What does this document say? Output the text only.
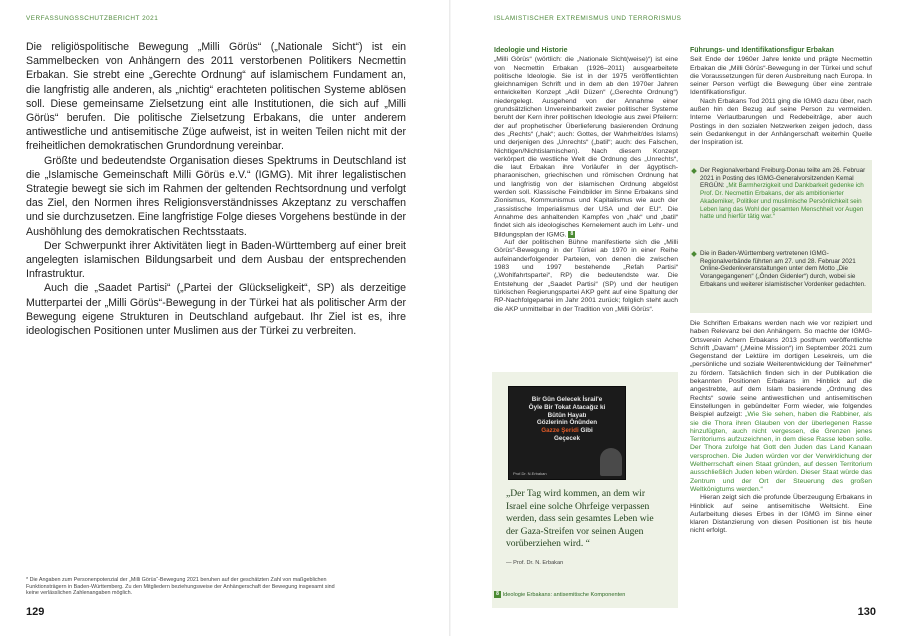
VERFASSUNGSSCHUTZBERICHT 2021

Die religiöspolitische Bewegung „Milli Görüs“ („Nationale Sicht“) ist ein Sammelbecken von Anhängern des 2011 verstorbenen Politikers Necmettin Erbakan. Sie strebt eine „Gerechte Ordnung“ auf islamischem Fundament an, die langfristig alle anderen, als „nichtig“ erachteten politischen Systeme ablösen soll. Diese gemeinsame Zielsetzung eint alle Institutionen, die sich auf „Milli Görüs“ berufen. Die politische Zielsetzung Erbakans, die unter anderem antiwestliche und antisemitische Züge aufweist, ist in weiten Teilen nicht mit der freiheitlichen demokratischen Grundordnung vereinbar.

Größte und bedeutendste Organisation dieses Spektrums in Deutschland ist die „Islamische Gemeinschaft Milli Görüs e.V.“ (IGMG). Mit ihrer legalistischen Strategie bewegt sie sich im Rahmen der geltenden Rechtsordnung und verfolgt das Ziel, den Normen ihres Religionsverständnisses Akzeptanz zu verschaffen und sie durchzusetzen. Eine langfristige Folge dieses Vorgehens bestünde in der Aushöhlung des demokratischen Rechtsstaats.

Der Schwerpunkt ihrer Aktivitäten liegt in Baden-Württemberg auf einer breit angelegten islamischen Bildungsarbeit und dem Ausbau der entsprechenden Infrastruktur.

Auch die „Saadet Partisi“ („Partei der Glückseligkeit“, SP) als derzeitige Mutterpartei der „Milli Görüs“-Bewegung in der Türkei hat als politischer Arm der Bewegung eigene Strukturen in Deutschland aufgebaut. Ihr Ziel ist es, ihre ideologischen Positionen unter Muslimen aus der Türkei zu verbreiten.

* Die Angaben zum Personenpotenzial der „Milli Görüs“-Bewegung 2021 beruhen auf der geschätzten Zahl von maßgeblichen Funktionsträgern in Baden-Württemberg. Zu den Mitgliedern beziehungsweise der Anhängerschaft der Bewegung insgesamt sind keine verlässlichen Zahlenangaben möglich.
129
ISLAMISTISCHER EXTREMISMUS UND TERRORISMUS
130
Ideologie und Historie

„Milli Görüs“ (wörtlich: die „Nationale Sicht(weise)“) ist eine von Necmettin Erbakan (1926–2011) ausgearbeitete politische Ideologie. Sie ist in der 1975 veröffentlichten gleichnamigen Schrift und in dem ab den 1970er Jahren entwickelten Konzept „Adil Düzen“ („Gerechte Ordnung“) niedergelegt. Ausgehend von der Annahme einer grundsätzlichen Unvereinbarkeit zweier politischer Systeme beruht der Kern ihrer politischen Ideologie aus zwei Pfeilern: der auf prophetischer Überlieferung basierenden Ordnung des „Rechts“ („hak“; auch: Gottes, der Wahrheit/des Islams) und derjenigen des „Unrechts“ („batil“; auch: des Falschen, Nichtigen/Nichtislamischen). Nach diesem Konzept verkörpert die westliche Welt die Ordnung des „Unrechts“, die laut Erbakan ihre Vorläufer in der ägyptisch-pharaonischen, griechischen und römischen Ordnung hat und langfristig von der islamischen Ordnung abgelöst werden soll. Klassische Feindbilder im Sinne Erbakans sind Zionismus, Kommunismus und Kapitalismus wie auch der „rassistische Imperialismus der USA und der EU“. Die Annahme des anhaltenden Kampfes von „hak“ und „batil“ findet sich als ideologisches Kernelement auch im Lehr- und Bildungsplan der IGMG. 8

Auf der politischen Bühne manifestierte sich die „Milli Görüs“-Bewegung in der Türkei ab 1970 in einer Reihe aufeinanderfolgender Parteien, von denen die zwischen 1983 und 1997 bestehende „Refah Partisi“ („Wohlfahrtspartei“, RP) die bedeutendste war. Die Entstehung der „Saadet Partisi“ (SP) und der heutigen türkischen Regierungspartei AKP geht auf eine Spaltung der RP-Nachfolgepartei im Jahr 2001 zurück; folglich steht auch die AKP unmittelbar in der Tradition von „Milli Görüs“.

Bir Gün Gelecek İsrail'e
Öyle Bir Tokat Atacağız ki
Bütün Hayatı
Gözlerinin Önünden
Gazze Şeridi Gibi
Geçecek
Prof.Dr. N.Erbakan
„Der Tag wird kommen, an dem wir Israel eine solche Ohrfeige verpassen werden, dass sein gesamtes Leben wie der Gaza-Streifen vor seinen Augen vorüberziehen wird. “
— Prof. Dr. N. Erbakan
8 Ideologie Erbakans: antisemitische Komponenten
Führungs- und Identifikationsfigur Erbakan

Seit Ende der 1960er Jahre lenkte und prägte Necmettin Erbakan die „Milli Görüs“-Bewegung in der Türkei und schuf die Voraussetzungen für deren Ausbreitung nach Europa. In seiner Person verfügt die Bewegung über eine zentrale Identifikationsfigur.

Nach Erbakans Tod 2011 ging die IGMG dazu über, nach außen hin den Bezug auf seine Person zu vermeiden. Interne Verlautbarungen und Redebeiträge, aber auch Postings in den sozialen Netzwerken zeigen jedoch, dass sein Gedankengut in der Anhängerschaft weiterhin Quelle der Inspiration ist.

Der Regionalverband Freiburg-Donau teilte am 26. Februar 2021 in Posting des IGMG-Generalvorsitzenden Kemal ERGÜN: „Mit Barmherzigkeit und Dankbarkeit gedenke ich Prof. Dr. Necmettin Erbakans, der als ambitionierter Akademiker, Politiker und muslimische Persönlichkeit sein Leben lang das Wohl der gesamten Menschheit vor Augen hatte und hierfür tätig war.“
Die in Baden-Württemberg vertretenen IGMG-Regionalverbände führten am 27. und 28. Februar 2021 Online-Gedenkveranstaltungen unter dem Motto „Die Vorangegangenen“ („Önden Gidenler“) durch, wobei sie Erbakans und weiterer islamistischer Vordenker gedachten.

Die Schriften Erbakans werden nach wie vor rezipiert und haben Relevanz bei den Anhängern. So machte der IGMG-Ortsverein Achern Erbakans 2013 posthum veröffentlichte Schrift „Davam“ („Meine Mission“) im September 2021 zum Gegenstand der Lektüre im dortigen Lesekreis, um die „persönliche und soziale Weiterentwicklung der Teilnehmer“ zu fördern. Tatsächlich finden sich in der Publikation die bekannten Positionen Erbakans im Hinblick auf die angestrebte, auf dem Islam basierende „Ordnung des Rechts“ sowie seine antiwestlichen und antisemitischen Einstellungen in gebündelter Form wieder, wie folgendes Beispiel aufzeigt: „Wie Sie sehen, haben die Rabbiner, als sie die Thora ihren Glauben von der überlegenen Rasse hinzufügten, auch nicht vergessen, die Grenzen jenes Territoriums aufzuzeichnen, in dem diese Rasse leben solle. Der Thora zufolge hat Gott den Juden das Land Kanaan versprochen. Die Juden würden vor der Verwirklichung der Weltherrschaft einen Staat gründen, auf dessen Territorium ausschließlich Juden leben würden. Dieser Staat würde das Zentrum und der Ort der Steuerung des großen Weltkönigtums werden.“

Hieran zeigt sich die profunde Überzeugung Erbakans in Hinblick auf seine antisemitische Weltsicht. Eine Aufarbeitung dieses Erbes in der IGMG im Sinne einer klaren Distanzierung von diesen Positionen ist bis heute nicht erfolgt.
